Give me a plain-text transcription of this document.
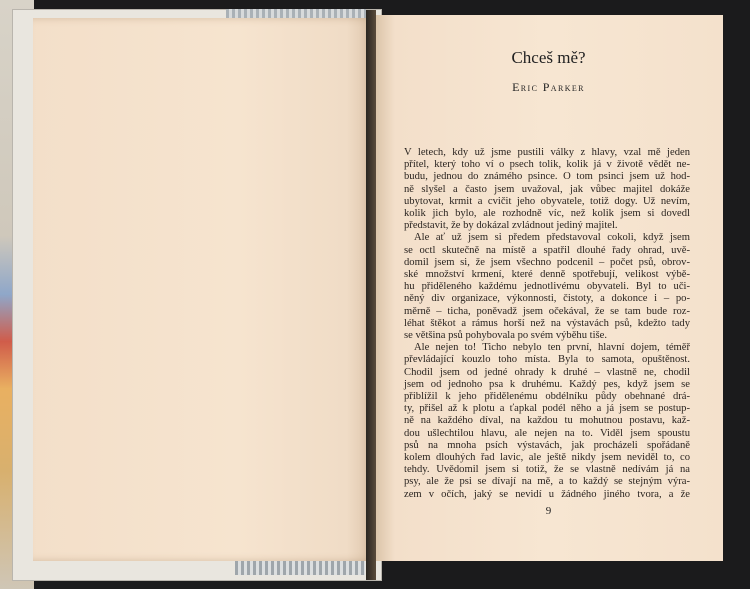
Chceš mě?
Eric Parker
V letech, kdy už jsme pustili války z hlavy, vzal mě jeden
přítel, který toho ví o psech tolik, kolik já v životě vědět ne-
budu, jednou do známého psince. O tom psinci jsem už hod-
ně slyšel a často jsem uvažoval, jak vůbec majitel dokáže
ubytovat, krmit a cvičit jeho obyvatele, totiž dogy. Už nevím,
kolik jich bylo, ale rozhodně víc, než kolik jsem si dovedl
představit, že by dokázal zvládnout jediný majitel.
Ale ať už jsem si předem představoval cokoli, když jsem
se octl skutečně na místě a spatřil dlouhé řady ohrad, uvě-
domil jsem si, že jsem všechno podcenil – počet psů, obrov-
ské množství krmení, které denně spotřebují, velikost výbě-
hu přiděleného každému jednotlivému obyvateli. Byl to uči-
něný div organizace, výkonnosti, čistoty, a dokonce i – po-
měrně – ticha, poněvadž jsem očekával, že se tam bude roz-
léhat štěkot a rámus horší než na výstavách psů, kdežto tady
se většina psů pohybovala po svém výběhu tiše.
Ale nejen to! Ticho nebylo ten první, hlavní dojem, téměř
převládající kouzlo toho místa. Byla to samota, opuštěnost.
Chodil jsem od jedné ohrady k druhé – vlastně ne, chodil
jsem od jednoho psa k druhému. Každý pes, když jsem se
přiblížil k jeho přidělenému obdélníku půdy obehnané drá-
ty, přišel až k plotu a ťapkal podél něho a já jsem se postup-
ně na každého díval, na každou tu mohutnou postavu, kaž-
dou ušlechtilou hlavu, ale nejen na to. Viděl jsem spoustu
psů na mnoha psích výstavách, jak procházeli spořádaně
kolem dlouhých řad lavic, ale ještě nikdy jsem neviděl to, co
tehdy. Uvědomil jsem si totiž, že se vlastně nedívám já na
psy, ale že psi se dívají na mě, a to každý se stejným výra-
zem v očích, jaký se nevidí u žádného jiného tvora, a že
9
